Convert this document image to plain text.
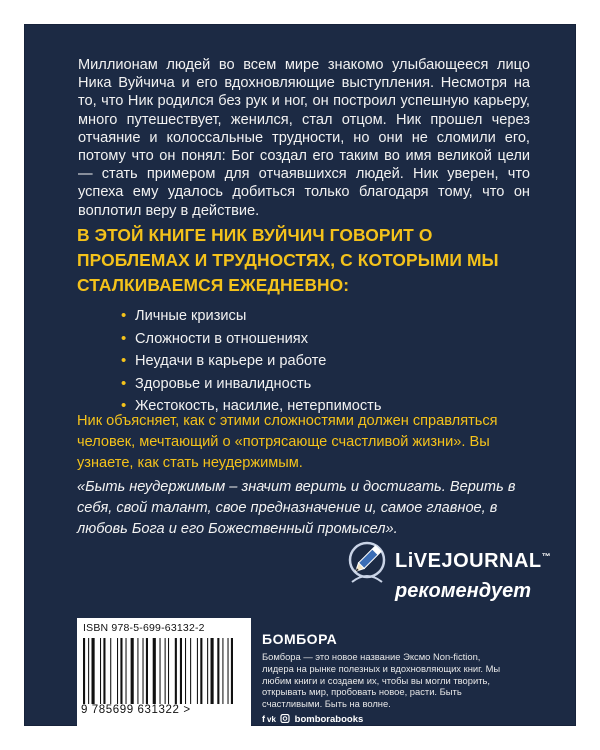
Миллионам людей во всем мире знакомо улыбающееся лицо Ника Вуйчича и его вдохновляющие выступления. Несмотря на то, что Ник родился без рук и ног, он построил успешную карьеру, много путешествует, женился, стал отцом. Ник прошел через отчаяние и колоссальные трудности, но они не сломили его, потому что он понял: Бог создал его таким во имя великой цели — стать примером для отчаявшихся людей. Ник уверен, что успеха ему удалось добиться только благодаря тому, что он воплотил веру в действие.

В ЭТОЙ КНИГЕ НИК ВУЙЧИЧ ГОВОРИТ О ПРОБЛЕМАХ И ТРУДНОСТЯХ, С КОТОРЫМИ МЫ СТАЛКИВАЕМСЯ ЕЖЕДНЕВНО:

• Личные кризисы
• Сложности в отношениях
• Неудачи в карьере и работе
• Здоровье и инвалидность
• Жестокость, насилие, нетерпимость

Ник объясняет, как с этими сложностями должен справляться человек, мечтающий о «потрясающе счастливой жизни». Вы узнаете, как стать неудержимым.

«Быть неудержимым – значит верить и достигать. Верить в себя, свой талант, свое предназначение и, самое главное, в любовь Бога и его Божественный промысел».

LiVEJOURNAL™
рекомендует
ISBN 978-5-699-63132-2
9 785699 631322 >
БОМБОРА

Бомбора — это новое название Эксмо Non-fiction, лидера на рынке полезных и вдохновляющих книг. Мы любим книги и создаем их, чтобы вы могли творить, открывать мир, пробовать новое, расти. Быть счастливыми. Быть на волне.

f vk bomborabooks
www.bombora.ru
